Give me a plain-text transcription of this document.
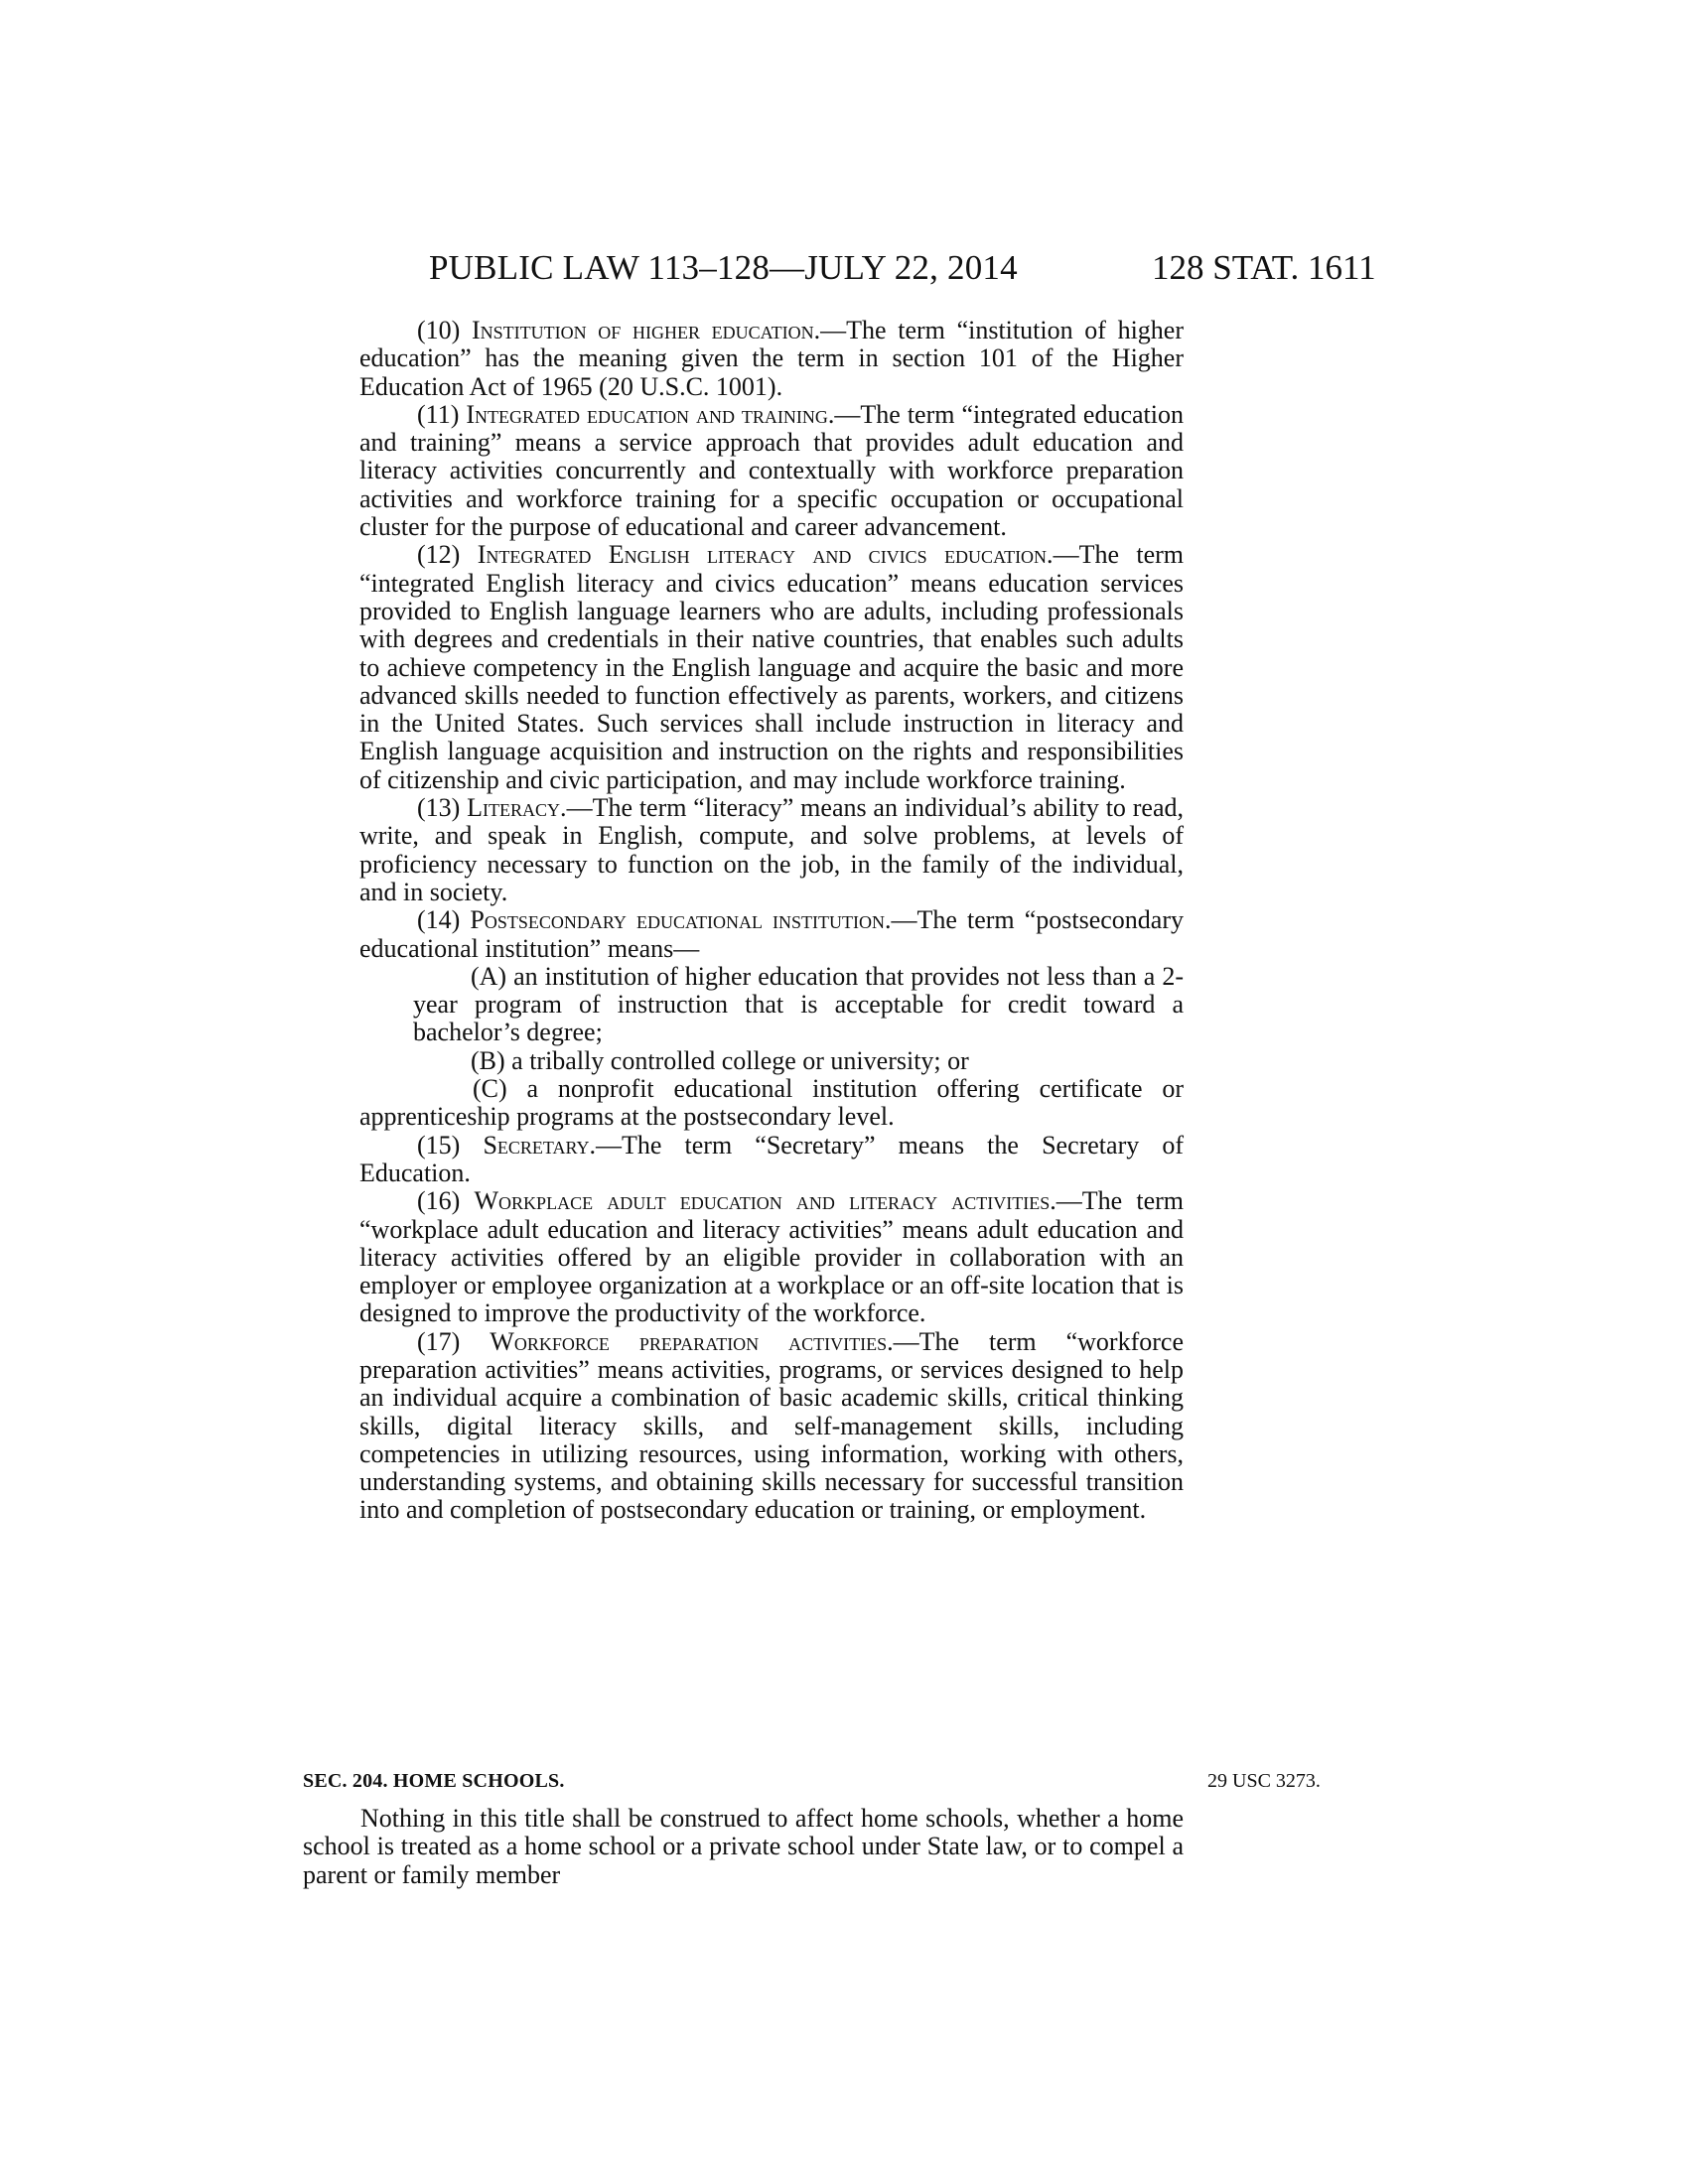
PUBLIC LAW 113–128—JULY 22, 2014	128 STAT. 1611

(10) Institution of higher education.—The term “institution of higher education” has the meaning given the term in section 101 of the Higher Education Act of 1965 (20 U.S.C. 1001).

(11) Integrated education and training.—The term “integrated education and training” means a service approach that provides adult education and literacy activities concurrently and contextually with workforce preparation activities and workforce training for a specific occupation or occupational cluster for the purpose of educational and career advancement.

(12) Integrated English literacy and civics education.—The term “integrated English literacy and civics education” means education services provided to English language learners who are adults, including professionals with degrees and credentials in their native countries, that enables such adults to achieve competency in the English language and acquire the basic and more advanced skills needed to function effectively as parents, workers, and citizens in the United States. Such services shall include instruction in literacy and English language acquisition and instruction on the rights and responsibilities of citizenship and civic participation, and may include workforce training.

(13) Literacy.—The term “literacy” means an individual’s ability to read, write, and speak in English, compute, and solve problems, at levels of proficiency necessary to function on the job, in the family of the individual, and in society.

(14) Postsecondary educational institution.—The term “postsecondary educational institution” means—

(A) an institution of higher education that provides not less than a 2-year program of instruction that is acceptable for credit toward a bachelor’s degree;

(B) a tribally controlled college or university; or

(C) a nonprofit educational institution offering certificate or apprenticeship programs at the postsecondary level.

(15) Secretary.—The term “Secretary” means the Secretary of Education.

(16) Workplace adult education and literacy activities.—The term “workplace adult education and literacy activities” means adult education and literacy activities offered by an eligible provider in collaboration with an employer or employee organization at a workplace or an off-site location that is designed to improve the productivity of the workforce.

(17) Workforce preparation activities.—The term “workforce preparation activities” means activities, programs, or services designed to help an individual acquire a combination of basic academic skills, critical thinking skills, digital literacy skills, and self-management skills, including competencies in utilizing resources, using information, working with others, understanding systems, and obtaining skills necessary for successful transition into and completion of postsecondary education or training, or employment.

SEC. 204. HOME SCHOOLS.	29 USC 3273.

Nothing in this title shall be construed to affect home schools, whether a home school is treated as a home school or a private school under State law, or to compel a parent or family member
